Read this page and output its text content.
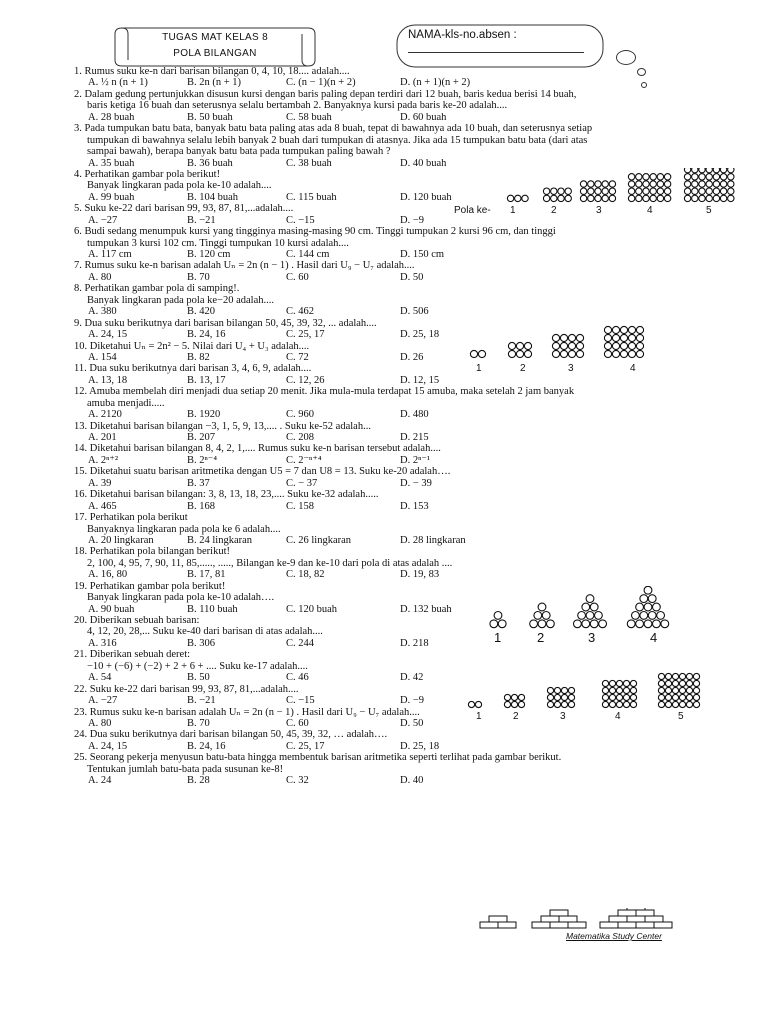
TUGAS MAT KELAS 8
POLA BILANGAN
NAMA-kls-no.absen :
1. Rumus suku ke-n dari barisan bilangan 0, 4, 10, 18.... adalah....
A. ½ n (n + 1)	B. 2n (n + 1)	C. (n − 1)(n + 2)	D. (n + 1)(n + 2)
2. Dalam gedung pertunjukkan disusun kursi dengan baris paling depan terdiri dari 12 buah, baris kedua berisi 14 buah,
baris ketiga 16 buah dan seterusnya selalu bertambah 2. Banyaknya kursi pada baris ke-20 adalah....
A. 28 buah	B. 50 buah	C. 58 buah	D. 60 buah
3. Pada tumpukan batu bata, banyak batu bata paling atas ada 8 buah, tepat di bawahnya ada 10 buah, dan seterusnya setiap
tumpukan di bawahnya selalu lebih banyak 2 buah dari tumpukan di atasnya. Jika ada 15 tumpukan batu bata (dari atas
sampai bawah), berapa banyak batu bata pada tumpukan paling bawah ?
A. 35 buah	B. 36 buah	C. 38 buah	D. 40 buah
4. Perhatikan gambar pola berikut!
Banyak lingkaran pada pola ke-10 adalah....
A. 99 buah	B. 104 buah	C. 115 buah	D. 120 buah
5. Suku ke-22 dari barisan 99, 93, 87, 81,...adalah....
A. −27	B. −21	C. −15	D. −9
6. Budi sedang menumpuk kursi yang tingginya masing-masing 90 cm. Tinggi tumpukan 2 kursi 96 cm, dan tinggi
tumpukan 3 kursi 102 cm. Tinggi tumpukan 10 kursi adalah....
A. 117 cm	B. 120 cm	C. 144 cm	D. 150 cm
7. Rumus suku ke-n barisan adalah Uₙ = 2n (n − 1) . Hasil dari U₉ − U₇ adalah....
A. 80	B. 70	C. 60	D. 50
8. Perhatikan gambar pola di samping!.
Banyak lingkaran pada pola ke−20 adalah....
A. 380	B. 420	C. 462	D. 506
9. Dua suku berikutnya dari barisan bilangan 50, 45, 39, 32, ... adalah....
A. 24, 15	B. 24, 16	C. 25, 17	D. 25, 18
10. Diketahui Uₙ = 2n² − 5. Nilai dari U₄ + U₃ adalah....
A. 154	B. 82	C. 72	D. 26
11. Dua suku berikutnya dari barisan 3, 4, 6, 9, adalah....
A. 13, 18	B. 13, 17	C. 12, 26	D. 12, 15
12. Amuba membelah diri menjadi dua setiap 20 menit. Jika mula-mula terdapat 15 amuba, maka setelah 2 jam banyak
amuba menjadi.....
A. 2120	B. 1920	C. 960	D. 480
13. Diketahui barisan bilangan −3, 1, 5, 9, 13,.... . Suku ke-52 adalah...
A. 201	B. 207	C. 208	D. 215
14. Diketahui barisan bilangan 8, 4, 2, 1,.... Rumus suku ke-n barisan tersebut adalah....
A. 2ⁿ⁺²	B. 2ⁿ⁻⁴	C. 2⁻ⁿ⁺⁴	D. 2ⁿ⁻¹
15. Diketahui suatu barisan aritmetika dengan U5 = 7 dan U8 = 13. Suku ke-20 adalah….
A. 39	B. 37	C. − 37	D. − 39
16. Diketahui barisan bilangan: 3, 8, 13, 18, 23,.... Suku ke-32 adalah.....
A. 465	B. 168	C. 158	D. 153
17. Perhatikan pola berikut
Banyaknya lingkaran pada pola ke 6 adalah....
A. 20 lingkaran	B. 24 lingkaran	C. 26 lingkaran	D. 28 lingkaran
18. Perhatikan pola bilangan berikut!
2, 100, 4, 95, 7, 90, 11, 85,....., ....., Bilangan ke-9 dan ke-10 dari pola di atas adalah ....
A. 16, 80	B. 17, 81	C. 18, 82	D. 19, 83
19. Perhatikan gambar pola berikut!
Banyak lingkaran pada pola ke-10 adalah….
A. 90 buah	B. 110 buah	C. 120 buah	D. 132 buah
20. Diberikan sebuah barisan:
4, 12, 20, 28,... Suku ke-40 dari barisan di atas adalah....
A. 316	B. 306	C. 244	D. 218
21. Diberikan sebuah deret:
−10 + (−6) + (−2) + 2 + 6 + .... Suku ke-17 adalah....
A. 54	B. 50	C. 46	D. 42
22. Suku ke-22 dari barisan 99, 93, 87, 81,...adalah....
A. −27	B. −21	C. −15	D. −9
23. Rumus suku ke-n barisan adalah Uₙ = 2n (n − 1) . Hasil dari U₉ − U₇ adalah....
A. 80	B. 70	C. 60	D. 50
24. Dua suku berikutnya dari barisan bilangan 50, 45, 39, 32, … adalah….
A. 24, 15	B. 24, 16	C. 25, 17	D. 25, 18
25. Seorang pekerja menyusun batu-bata hingga membentuk barisan aritmetika seperti terlihat pada gambar berikut.
Tentukan jumlah batu-bata pada susunan ke-8!
A. 24	B. 28	C. 32	D. 40
Pola ke- 1	2	3	4	5
1	2	3	4
1	2	3	4
1	2	3	4	5
Matematika Study Center
